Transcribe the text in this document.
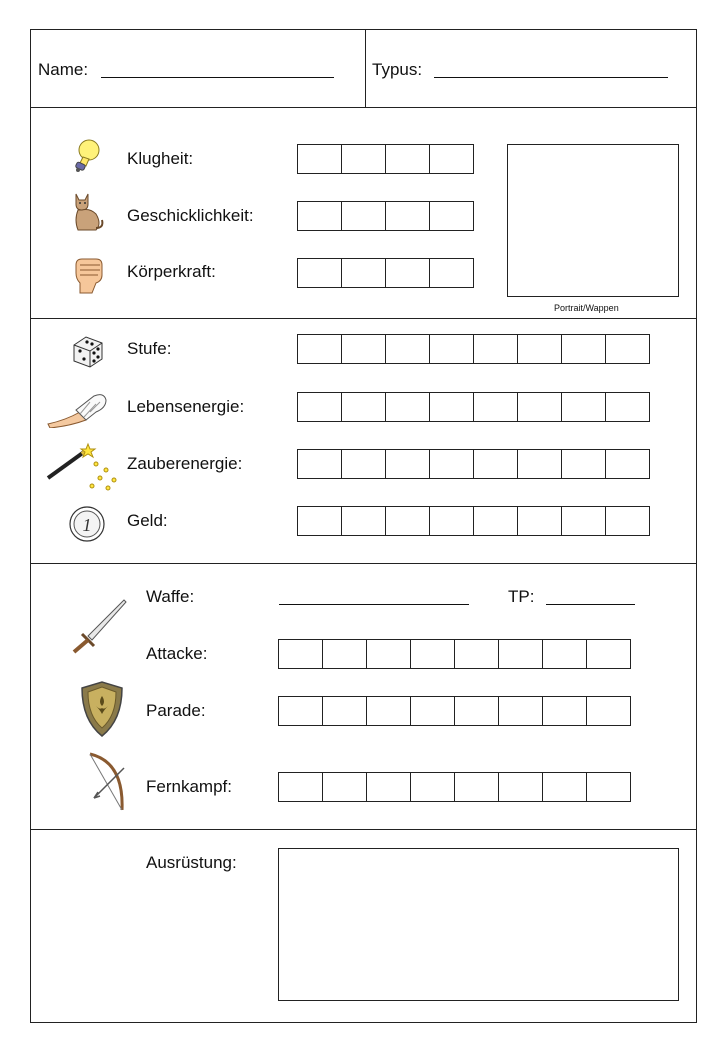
Name:	Typus:
Klugheit:
Geschicklichkeit:
Körperkraft:
Portrait/Wappen
Stufe:
Lebensenergie:
Zauberenergie:
1 Geld:
Waffe:	TP:
Attacke:
Parade:
Fernkampf:
Ausrüstung:
